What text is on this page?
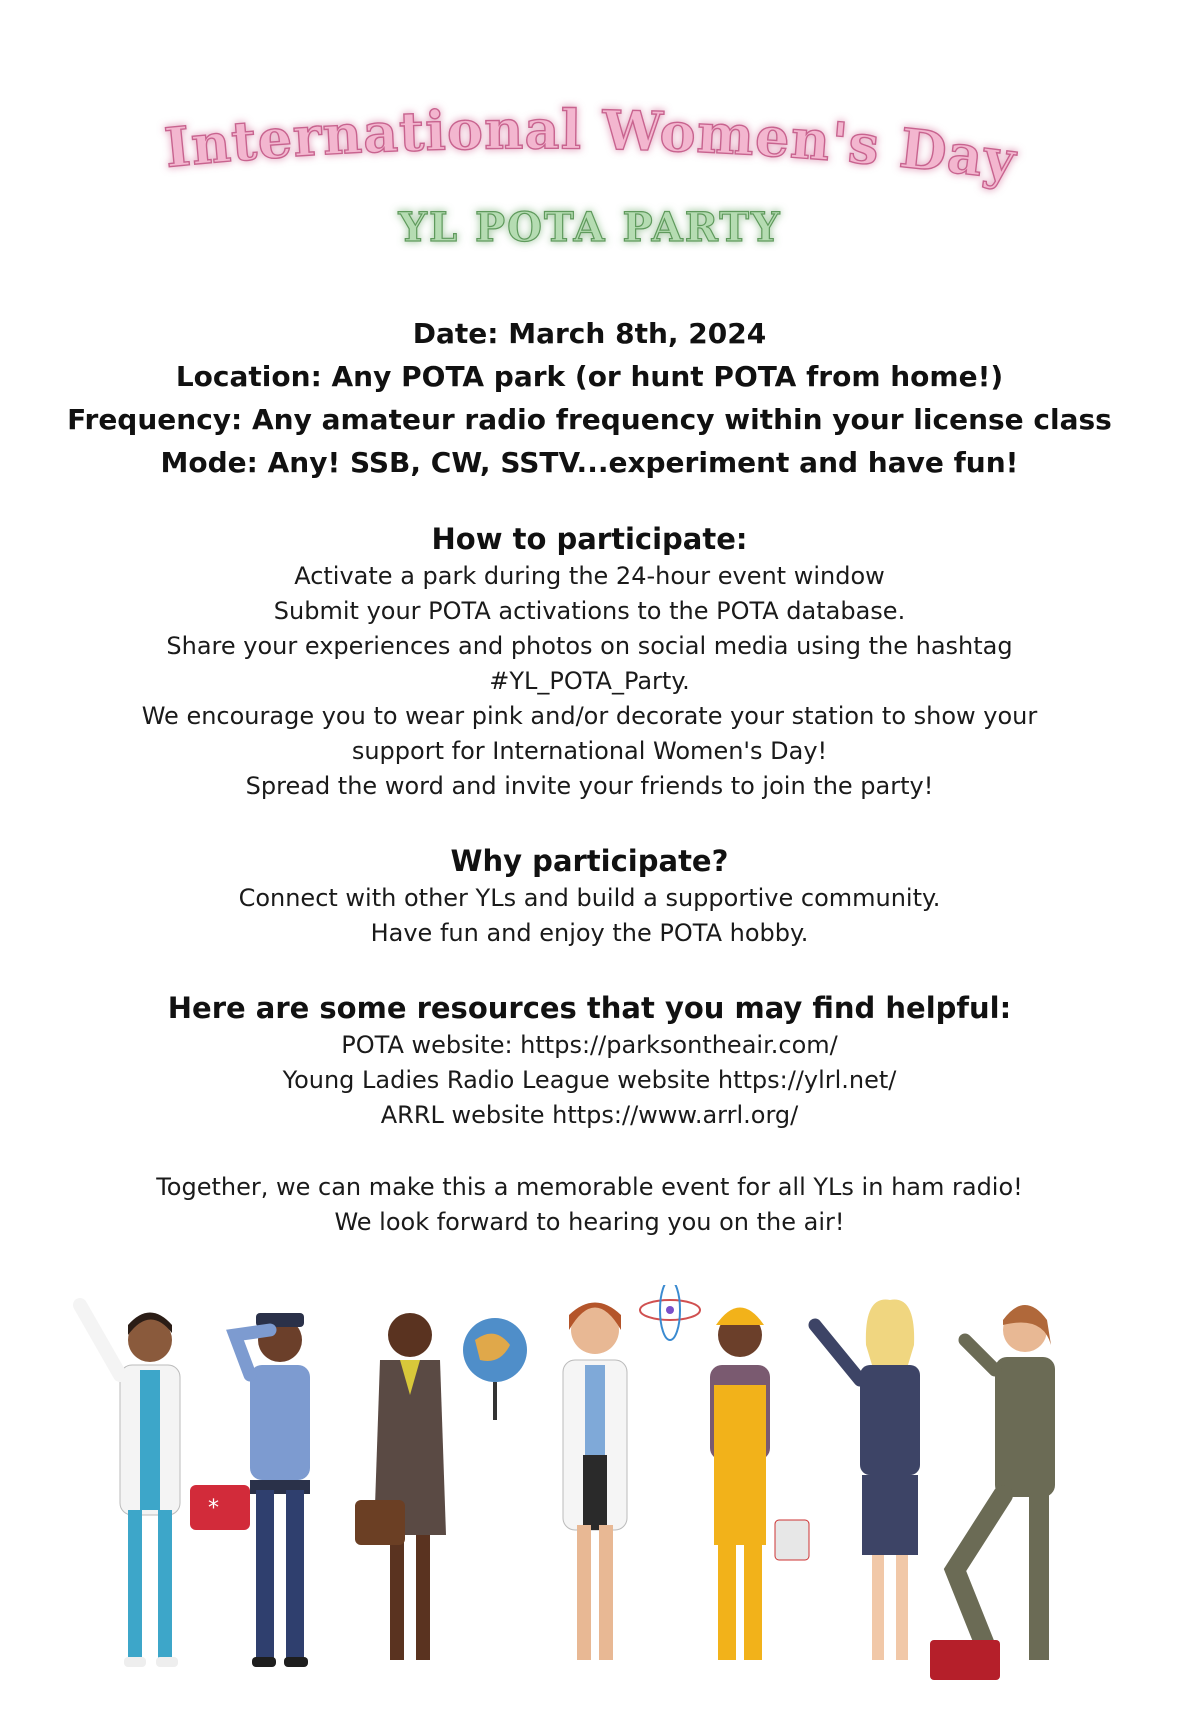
International Women's Day
YL POTA PARTY

Date: March 8th, 2024

Location: Any POTA park (or hunt POTA from home!)

Frequency: Any amateur radio frequency within your license class

Mode: Any! SSB, CW, SSTV...experiment and have fun!

How to participate:

Activate a park during the 24-hour event window

Submit your POTA activations to the POTA database.

Share your experiences and photos on social media using the hashtag

#YL_POTA_Party.

We encourage you to wear pink and/or decorate your station to show your

support for International Women's Day!

Spread the word and invite your friends to join the party!

Why participate?

Connect with other YLs and build a supportive community.

Have fun and enjoy the POTA hobby.

Here are some resources that you may find helpful:

POTA website: https://parksontheair.com/

Young Ladies Radio League website https://ylrl.net/

ARRL website https://www.arrl.org/

Together, we can make this a memorable event for all YLs in ham radio!

We look forward to hearing you on the air!

*
